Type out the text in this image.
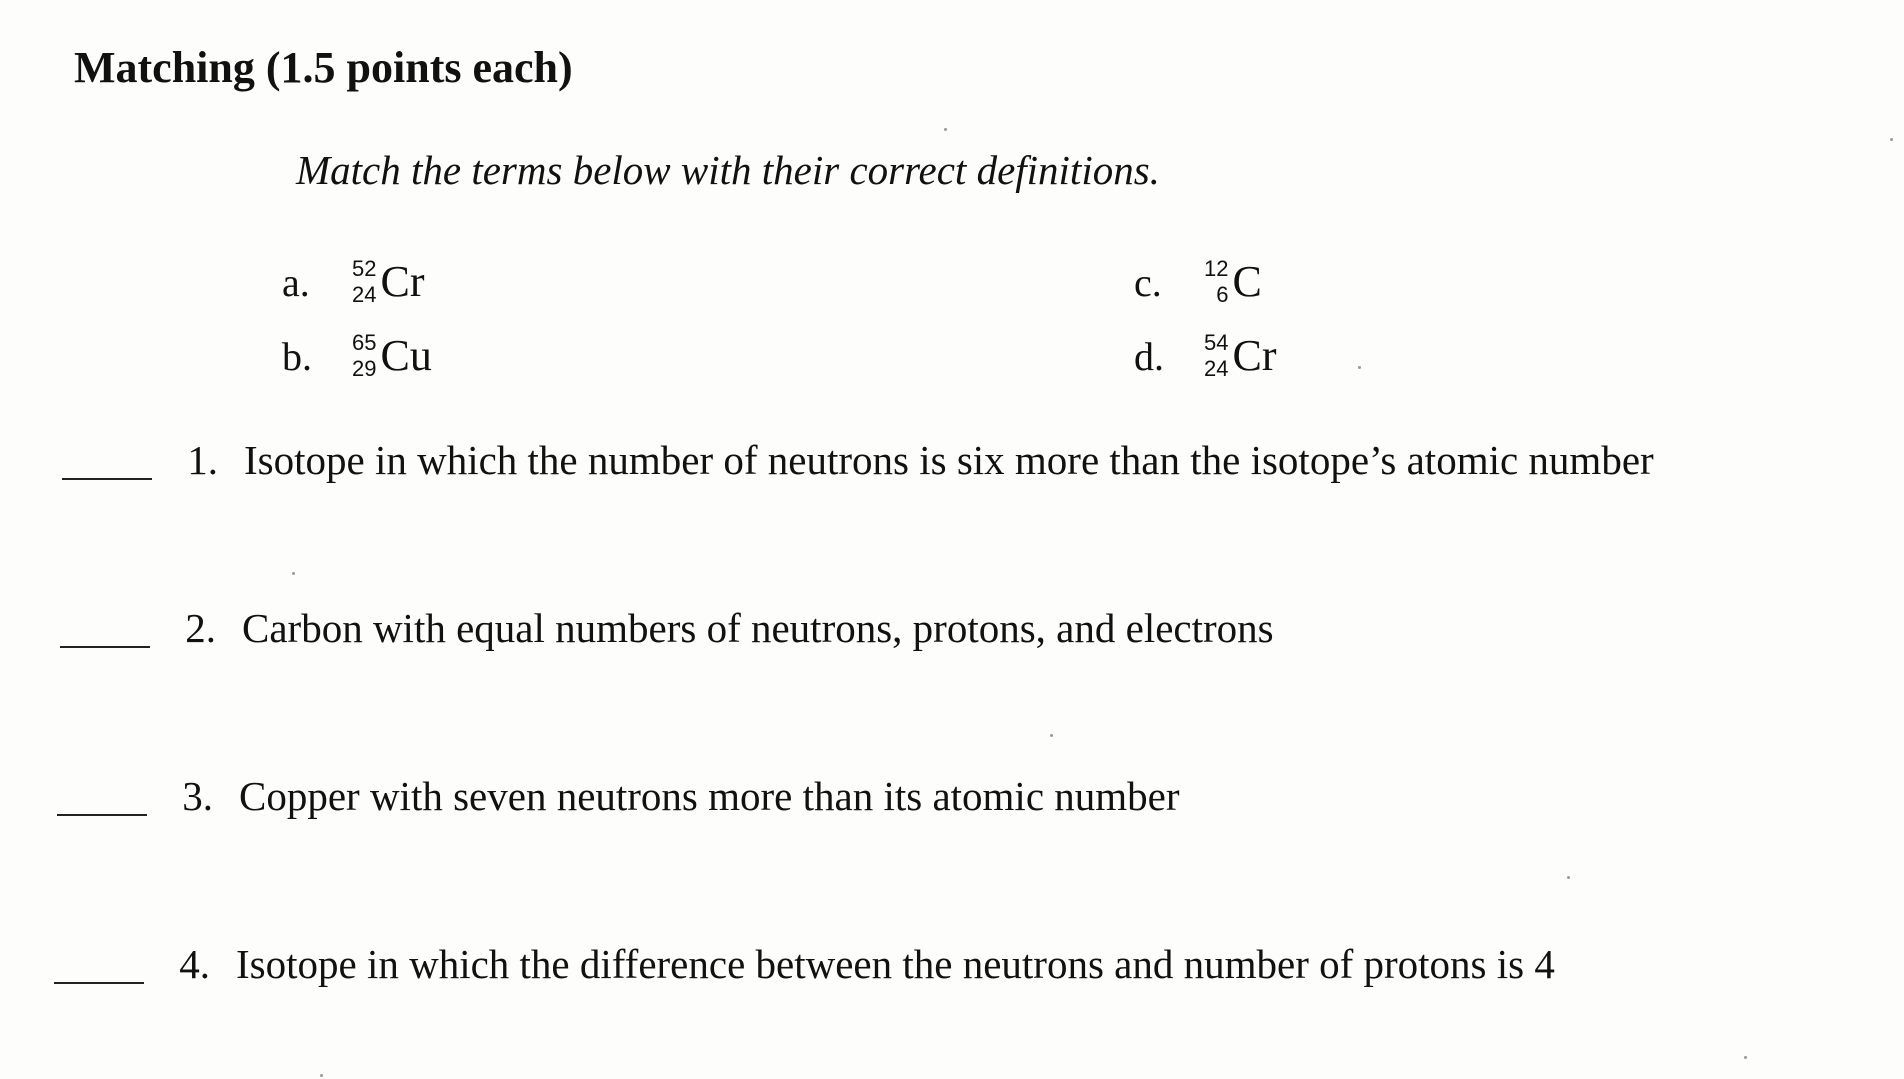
Matching (1.5 points each)
Match the terms below with their correct definitions.
a.	52
24 Cr
b.	65
29 Cu
c.	12
6 C
d.	54
24 Cr
1. Isotope in which the number of neutrons is six more than the isotope’s atomic number
2. Carbon with equal numbers of neutrons, protons, and electrons
3. Copper with seven neutrons more than its atomic number
4. Isotope in which the difference between the neutrons and number of protons is 4
